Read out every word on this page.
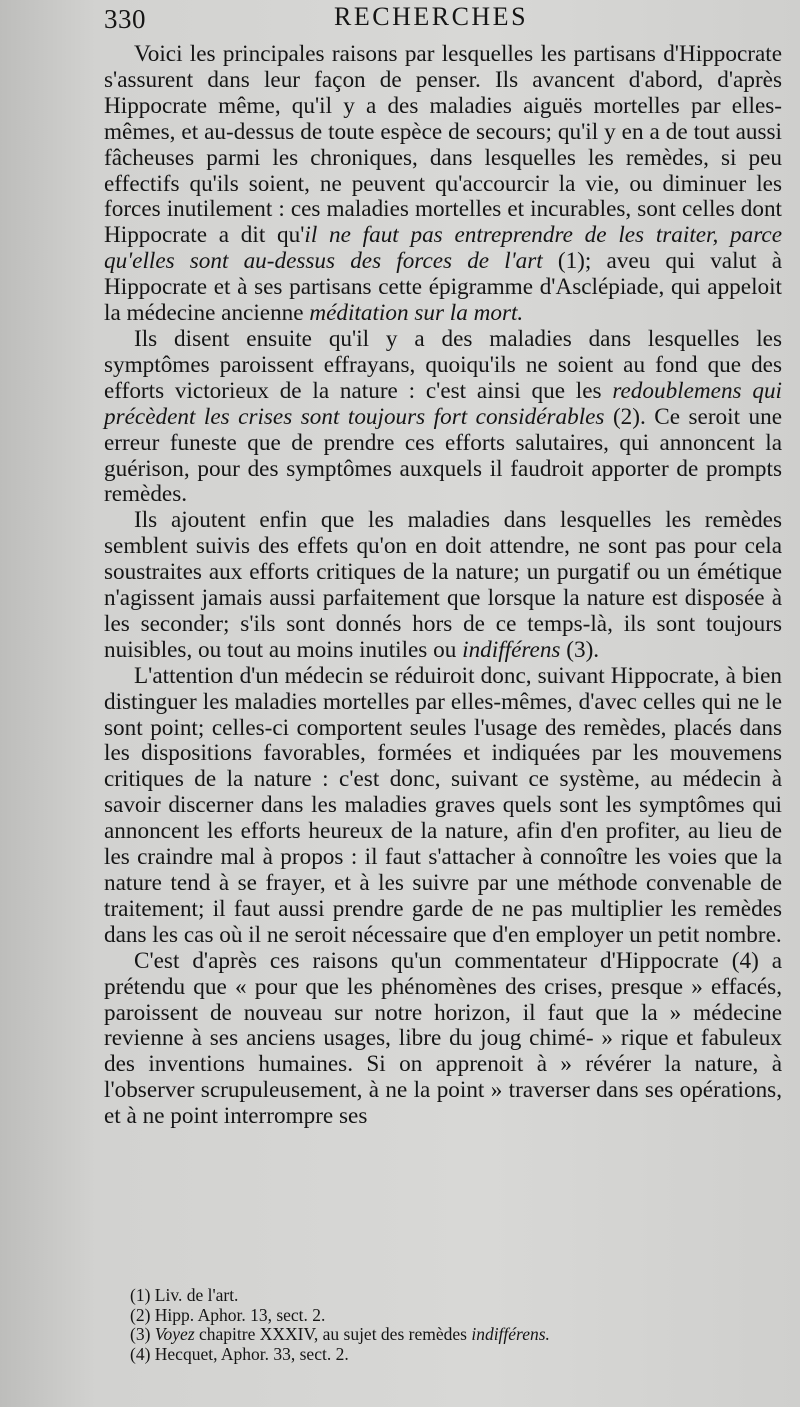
330	RECHERCHES

Voici les principales raisons par lesquelles les partisans d'Hippocrate s'assurent dans leur façon de penser. Ils avancent d'abord, d'après Hippocrate même, qu'il y a des maladies aiguës mortelles par elles-mêmes, et au-dessus de toute espèce de secours; qu'il y en a de tout aussi fâcheuses parmi les chroniques, dans lesquelles les remèdes, si peu effectifs qu'ils soient, ne peuvent qu'accourcir la vie, ou diminuer les forces inutilement : ces maladies mortelles et incurables, sont celles dont Hippocrate a dit qu'il ne faut pas entreprendre de les traiter, parce qu'elles sont au-dessus des forces de l'art (1); aveu qui valut à Hippocrate et à ses partisans cette épigramme d'Asclépiade, qui appeloit la médecine ancienne méditation sur la mort.

Ils disent ensuite qu'il y a des maladies dans lesquelles les symptômes paroissent effrayans, quoiqu'ils ne soient au fond que des efforts victorieux de la nature : c'est ainsi que les redoublemens qui précèdent les crises sont toujours fort considérables (2). Ce seroit une erreur funeste que de prendre ces efforts salutaires, qui annoncent la guérison, pour des symptômes auxquels il faudroit apporter de prompts remèdes.

Ils ajoutent enfin que les maladies dans lesquelles les remèdes semblent suivis des effets qu'on en doit attendre, ne sont pas pour cela soustraites aux efforts critiques de la nature; un purgatif ou un émétique n'agissent jamais aussi parfaitement que lorsque la nature est disposée à les seconder; s'ils sont donnés hors de ce temps-là, ils sont toujours nuisibles, ou tout au moins inutiles ou indifférens (3).

L'attention d'un médecin se réduiroit donc, suivant Hippocrate, à bien distinguer les maladies mortelles par elles-mêmes, d'avec celles qui ne le sont point; celles-ci comportent seules l'usage des remèdes, placés dans les dispositions favorables, formées et indiquées par les mouvemens critiques de la nature : c'est donc, suivant ce système, au médecin à savoir discerner dans les maladies graves quels sont les symptômes qui annoncent les efforts heureux de la nature, afin d'en profiter, au lieu de les craindre mal à propos : il faut s'attacher à connoître les voies que la nature tend à se frayer, et à les suivre par une méthode convenable de traitement; il faut aussi prendre garde de ne pas multiplier les remèdes dans les cas où il ne seroit nécessaire que d'en employer un petit nombre.

C'est d'après ces raisons qu'un commentateur d'Hippocrate (4) a prétendu que « pour que les phénomènes des crises, presque » effacés, paroissent de nouveau sur notre horizon, il faut que la » médecine revienne à ses anciens usages, libre du joug chimé- » rique et fabuleux des inventions humaines. Si on apprenoit à » révérer la nature, à l'observer scrupuleusement, à ne la point » traverser dans ses opérations, et à ne point interrompre ses

(1) Liv. de l'art.
(2) Hipp. Aphor. 13, sect. 2.
(3) Voyez chapitre XXXIV, au sujet des remèdes indifférens.
(4) Hecquet, Aphor. 33, sect. 2.
